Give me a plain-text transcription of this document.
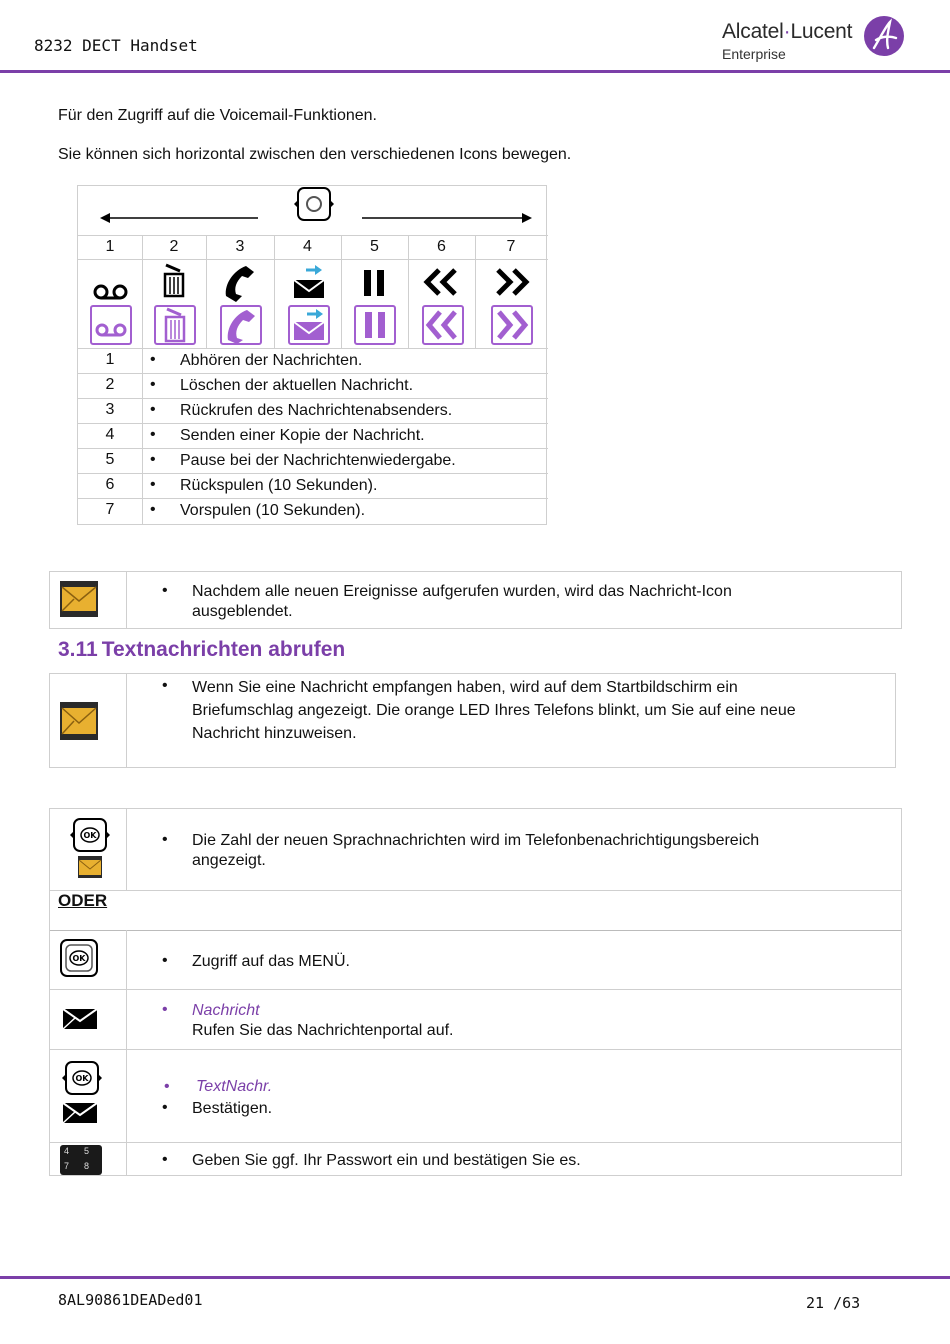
8232 DECT Handset
Alcatel·Lucent
Enterprise
Für den Zugriff auf die Voicemail-Funktionen.
Sie können sich horizontal zwischen den verschiedenen Icons bewegen.
1	2	3	4	5	6	7
1	• Abhören der Nachrichten.
2	• Löschen der aktuellen Nachricht.
3	• Rückrufen des Nachrichtenabsenders.
4	• Senden einer Kopie der Nachricht.
5	• Pause bei der Nachrichtenwiedergabe.
6	• Rückspulen (10 Sekunden).
7	• Vorspulen (10 Sekunden).
• Nachdem alle neuen Ereignisse aufgerufen wurden, wird das Nachricht-Icon
ausgeblendet.
3.11 Textnachrichten abrufen
• Wenn Sie eine Nachricht empfangen haben, wird auf dem Startbildschirm ein
Briefumschlag angezeigt. Die orange LED Ihres Telefons blinkt, um Sie auf eine neue
Nachricht hinzuweisen.
OK	• Die Zahl der neuen Sprachnachrichten wird im Telefonbenachrichtigungsbereich
angezeigt.
OK	• Zugriff auf das MENÜ.
• Nachricht
Rufen Sie das Nachrichtenportal auf.
OK	• TextNachr.
• Bestätigen.
4 5
7 8	• Geben Sie ggf. Ihr Passwort ein und bestätigen Sie es.
ODER
8AL90861DEADed01	21 /63
